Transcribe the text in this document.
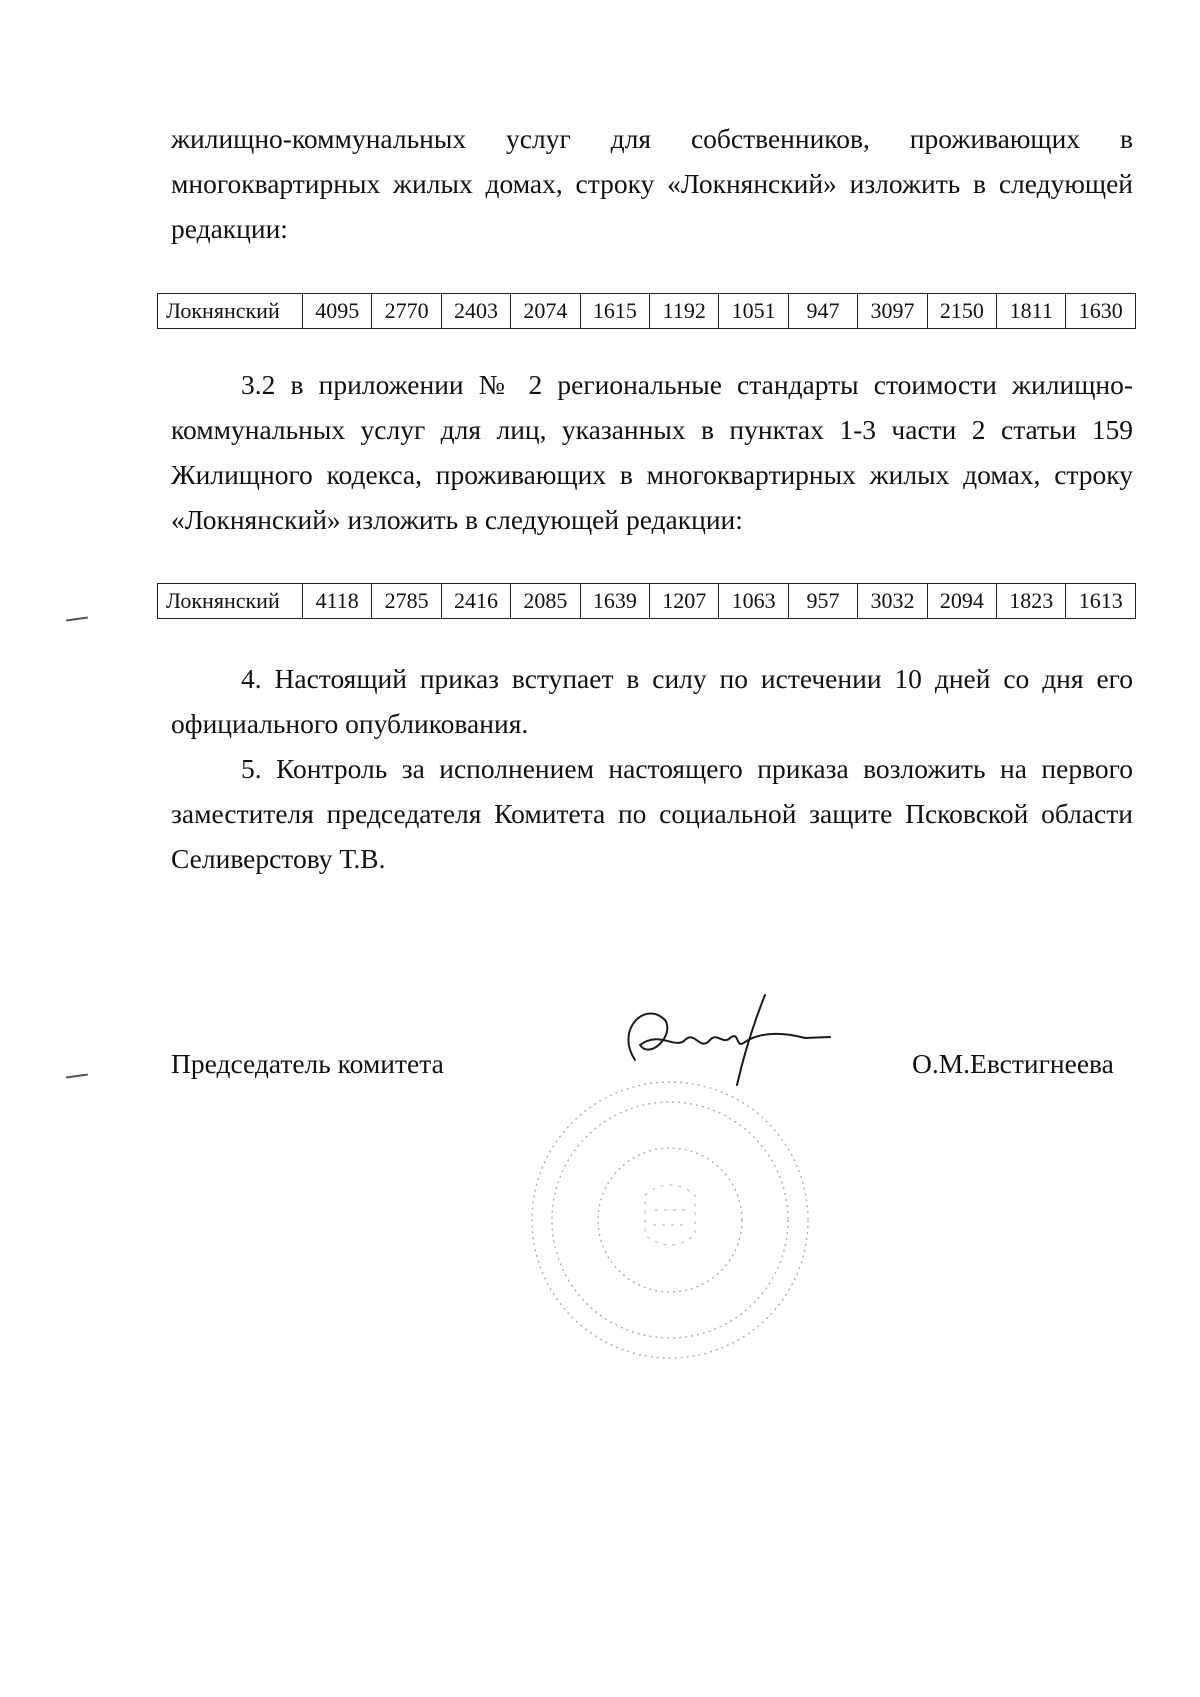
жилищно-коммунальных услуг для собственников, проживающих в многоквартирных жилых домах, строку «Локнянский» изложить в следующей редакции:

Локнянский	4095	2770	2403	2074	1615	1192	1051	947	3097	2150	1811	1630

3.2 в приложении № 2 региональные стандарты стоимости жилищно-коммунальных услуг для лиц, указанных в пунктах 1-3 части 2 статьи 159 Жилищного кодекса, проживающих в многоквартирных жилых домах, строку «Локнянский» изложить в следующей редакции:

Локнянский	4118	2785	2416	2085	1639	1207	1063	957	3032	2094	1823	1613

4. Настоящий приказ вступает в силу по истечении 10 дней со дня его официального опубликования.

5. Контроль за исполнением настоящего приказа возложить на первого заместителя председателя Комитета по социальной защите Псковской области Селиверстову Т.В.

Председатель комитета	О.М.Евстигнеева
